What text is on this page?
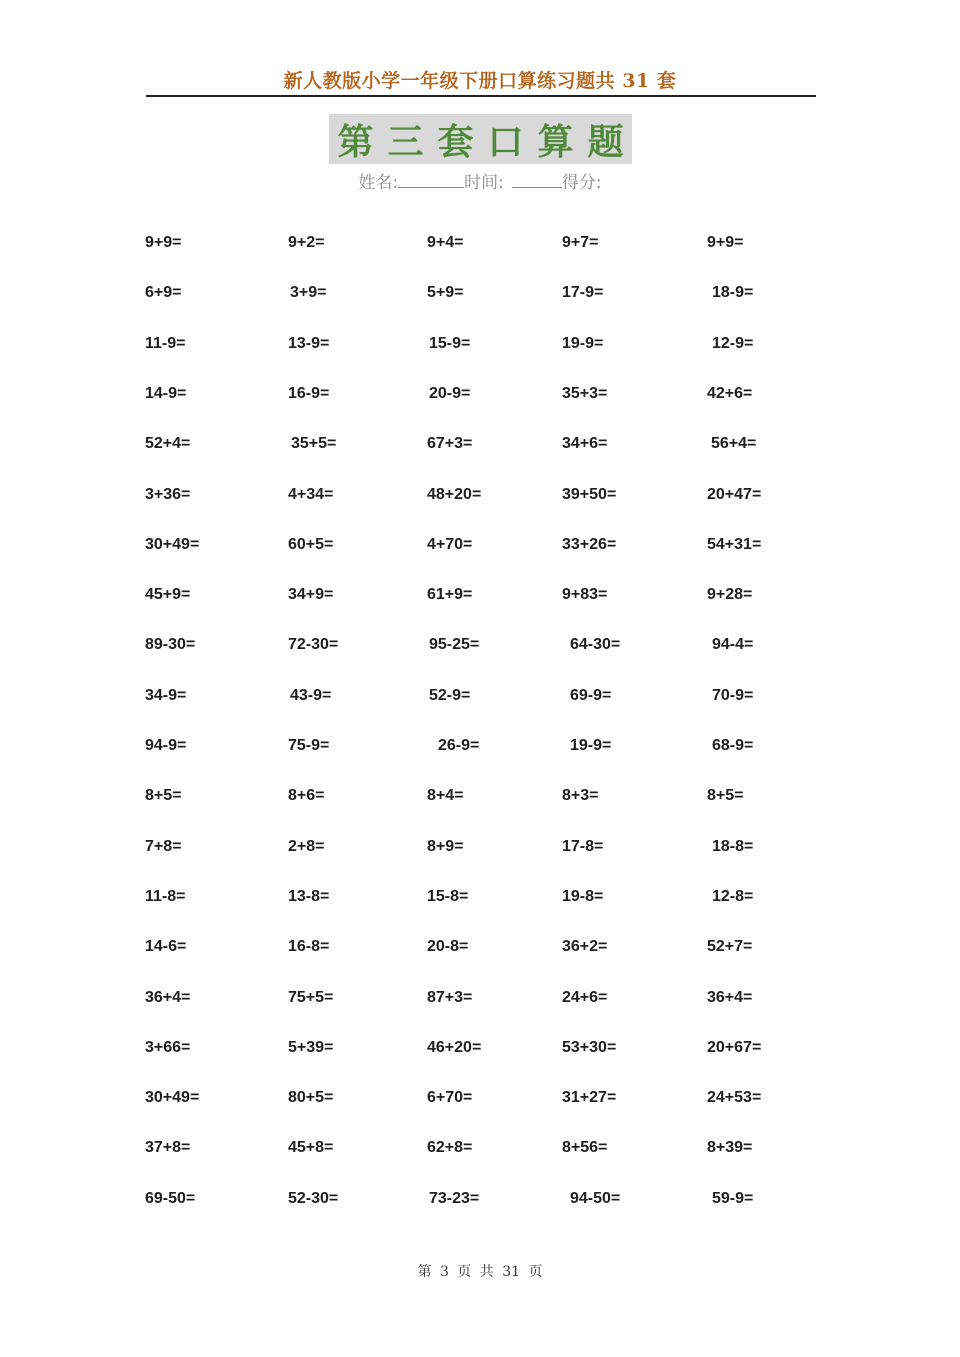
新人教版小学一年级下册口算练习题共 31 套
第三套口算题
姓名:	时间:	得分:
9+9=	9+2=	9+4=	9+7=	9+9=
6+9=	3+9=	5+9=	17-9=	18-9=
11-9=	13-9=	15-9=	19-9=	12-9=
14-9=	16-9=	20-9=	35+3=	42+6=
52+4=	35+5=	67+3=	34+6=	56+4=
3+36=	4+34=	48+20=	39+50=	20+47=
30+49=	60+5=	4+70=	33+26=	54+31=
45+9=	34+9=	61+9=	9+83=	9+28=
89-30=	72-30=	95-25=	64-30=	94-4=
34-9=	43-9=	52-9=	69-9=	70-9=
94-9=	75-9=	26-9=	19-9=	68-9=
8+5=	8+6=	8+4=	8+3=	8+5=
7+8=	2+8=	8+9=	17-8=	18-8=
11-8=	13-8=	15-8=	19-8=	12-8=
14-6=	16-8=	20-8=	36+2=	52+7=
36+4=	75+5=	87+3=	24+6=	36+4=
3+66=	5+39=	46+20=	53+30=	20+67=
30+49=	80+5=	6+70=	31+27=	24+53=
37+8=	45+8=	62+8=	8+56=	8+39=
69-50=	52-30=	73-23=	94-50=	59-9=
第 3 页 共 31 页
